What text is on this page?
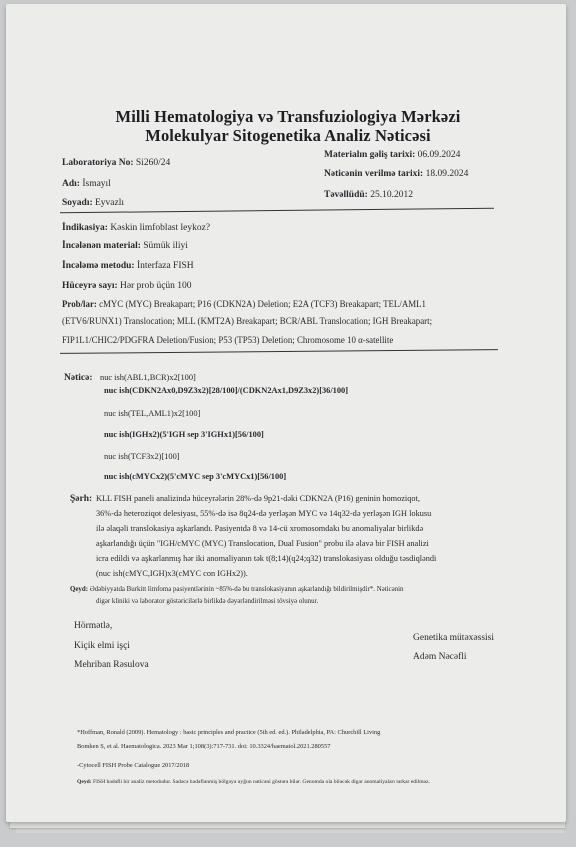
Milli Hematologiya və Transfuziologiya Mərkəzi
Molekulyar Sitogenetika Analiz Nəticəsi
Laboratoriya No: Si260/24
Adı: İsmayıl
Soyadı: Eyvazlı
Materialın gəliş tarixi: 06.09.2024
Nəticənin verilmə tarixi: 18.09.2024
Təvəllüdü: 25.10.2012
İndikasiya: Kəskin limfoblast leykoz?
İncələnən material: Sümük iliyi
İncələmə metodu: İnterfaza FISH
Hüceyrə sayı: Hər prob üçün 100
Prob/lar: cMYC (MYC) Breakapart; P16 (CDKN2A) Deletion; E2A (TCF3) Breakapart; TEL/AML1
(ETV6/RUNX1) Translocation; MLL (KMT2A) Breakapart; BCR/ABL Translocation; IGH Breakapart;
FIP1L1/CHIC2/PDGFRA Deletion/Fusion; P53 (TP53) Deletion; Chromosome 10 α-satellite
Nəticə: nuc ish(ABL1,BCR)x2[100]
nuc ish(CDKN2Ax0,D9Z3x2)[28/100]/(CDKN2Ax1,D9Z3x2)[36/100]
nuc ish(TEL,AML1)x2[100]
nuc ish(IGHx2)(5'IGH sep 3'IGHx1)[56/100]
nuc ish(TCF3x2)[100]
nuc ish(cMYCx2)(5'cMYC sep 3'cMYCx1)[56/100]
Şərh: KLL FISH paneli analizində hüceyrələrin 28%-də 9p21-dəki CDKN2A (P16) geninin homoziqot,
36%-də heteroziqot delesiyası, 55%-də isə 8q24-də yerləşən MYC və 14q32-də yerləşən IGH lokusu
ilə əlaqəli translokasiya aşkarlandı. Pasiyentdə 8 və 14-cü xromosomdakı bu anomaliyalar birlikdə
aşkarlandığı üçün "IGH/cMYC (MYC) Translocation, Dual Fusion" probu ilə əlavə bir FISH analizi
icra edildi və aşkarlanmış hər iki anomaliyanın tək t(8;14)(q24;q32) translokasiyası olduğu təsdiqləndi
(nuc ish(cMYC,IGH)x3(cMYC con IGHx2)).
Qeyd: Ədəbiyyatda Burkitt limfoma pasiyentlərinin ~85%-də bu translokasiyanın aşkarlandığı bildirilmişdir*. Nəticənin
digər kliniki və laborator göstəricilərlə birlikdə dəyərləndirilməsi tövsiyə olunur.
Hörmətlə,
Kiçik elmi işçi
Mehriban Rəsulova
Genetika mütəxəssisi
Adəm Nəcəfli
*Hoffman, Ronald (2009). Hematology : basic principles and practice (5th ed. ed.). Philadelphia, PA: Churchill Living
Bomken S, et al. Haematologica. 2023 Mar 1;108(3):717-731. doi: 10.3324/haematol.2021.280557
-Cytocell FISH Probe Catalogue 2017/2018
Qeyd: FISH hədəfli bir analiz metodudur. Sadəcə hədəflənmiş bölgəyə uyğun nəticəni göstərə bilər. Genomda ola biləcək digər anomaliyaları tərkar edilməz.
